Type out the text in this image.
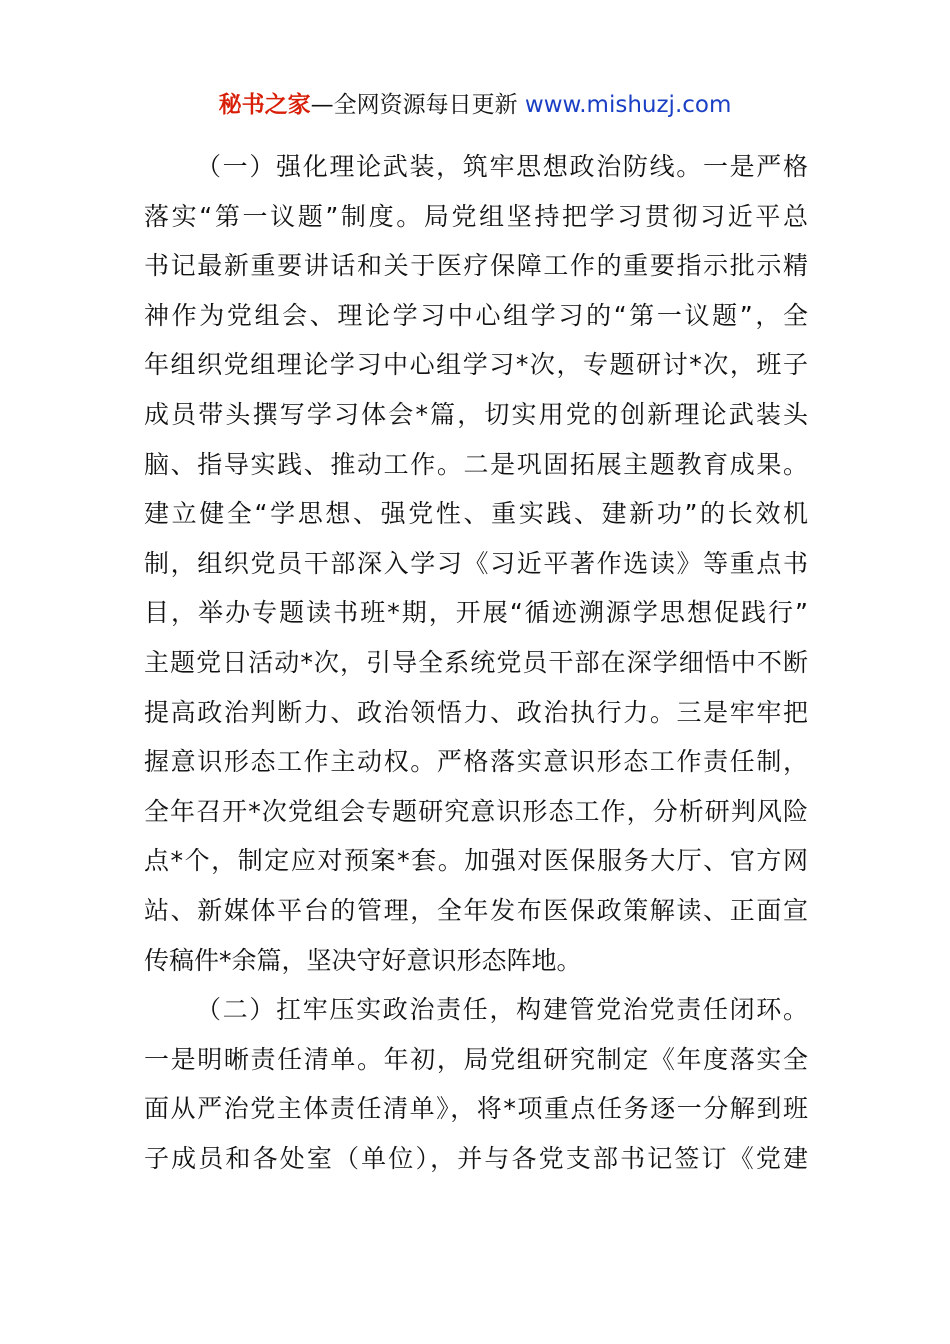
秘书之家—全网资源每日更新 www.mishuzj.com
（一）强化理论武装，筑牢思想政治防线。一是严格
落实“第一议题”制度。局党组坚持把学习贯彻习近平总
书记最新重要讲话和关于医疗保障工作的重要指示批示精
神作为党组会、理论学习中心组学习的“第一议题”，全
年组织党组理论学习中心组学习*次，专题研讨*次，班子
成员带头撰写学习体会*篇，切实用党的创新理论武装头
脑、指导实践、推动工作。二是巩固拓展主题教育成果。
建立健全“学思想、强党性、重实践、建新功”的长效机
制，组织党员干部深入学习《习近平著作选读》等重点书
目，举办专题读书班*期，开展“循迹溯源学思想促践行”
主题党日活动*次，引导全系统党员干部在深学细悟中不断
提高政治判断力、政治领悟力、政治执行力。三是牢牢把
握意识形态工作主动权。严格落实意识形态工作责任制，
全年召开*次党组会专题研究意识形态工作，分析研判风险
点*个，制定应对预案*套。加强对医保服务大厅、官方网
站、新媒体平台的管理，全年发布医保政策解读、正面宣
传稿件*余篇，坚决守好意识形态阵地。
（二）扛牢压实政治责任，构建管党治党责任闭环。
一是明晰责任清单。年初，局党组研究制定《年度落实全
面从严治党主体责任清单》，将*项重点任务逐一分解到班
子成员和各处室（单位），并与各党支部书记签订《党建
